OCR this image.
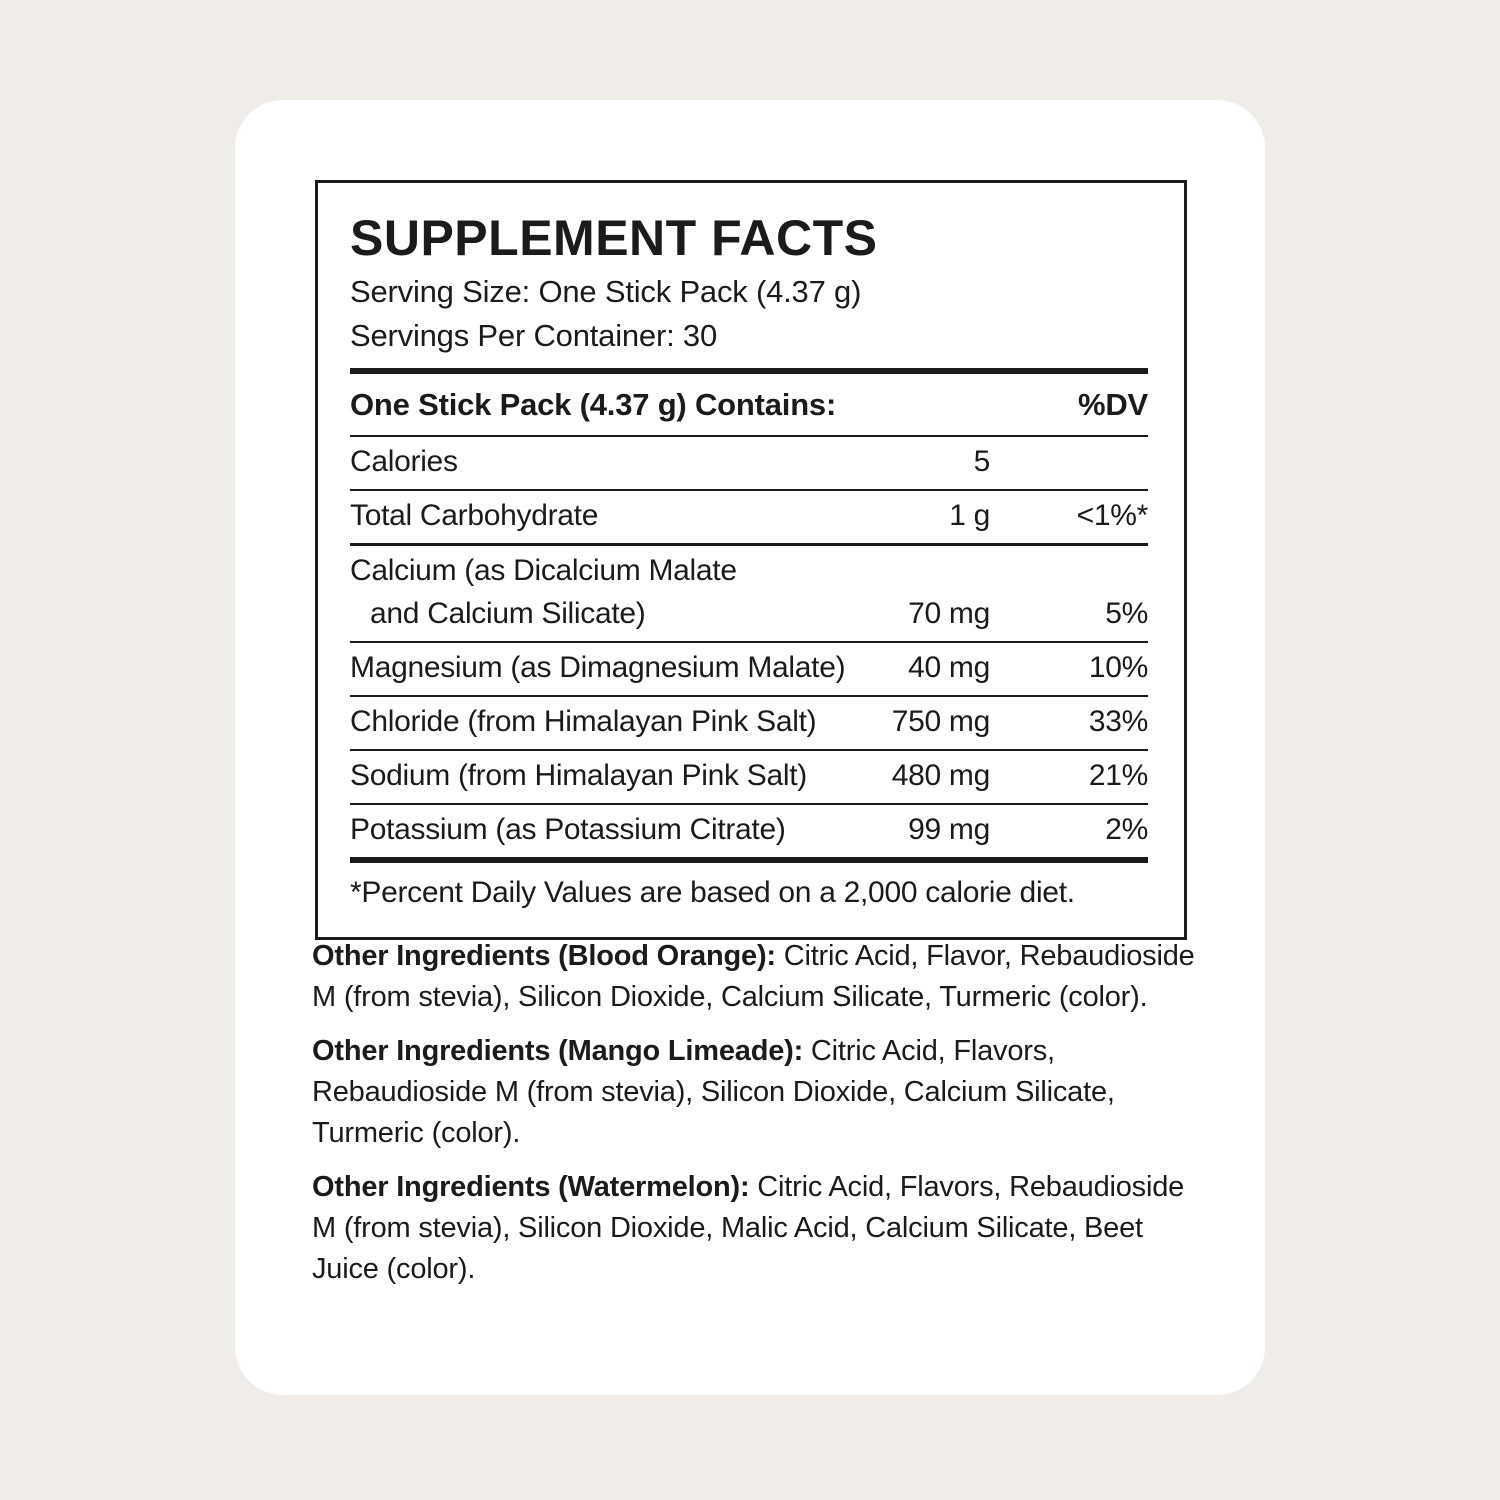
SUPPLEMENT FACTS
Serving Size: One Stick Pack (4.37 g)
Servings Per Container: 30
One Stick Pack (4.37 g) Contains:	%DV
Calories	5
Total Carbohydrate	1 g	<1%*
Calcium (as Dicalcium Malate
and Calcium Silicate)	70 mg	5%
Magnesium (as Dimagnesium Malate)	40 mg	10%
Chloride (from Himalayan Pink Salt)	750 mg	33%
Sodium (from Himalayan Pink Salt)	480 mg	21%
Potassium (as Potassium Citrate)	99 mg	2%
*Percent Daily Values are based on a 2,000 calorie diet.

Other Ingredients (Blood Orange): Citric Acid, Flavor, Rebaudioside M (from stevia), Silicon Dioxide, Calcium Silicate, Turmeric (color).

Other Ingredients (Mango Limeade): Citric Acid, Flavors, Rebaudioside M (from stevia), Silicon Dioxide, Calcium Silicate, Turmeric (color).

Other Ingredients (Watermelon): Citric Acid, Flavors, Rebaudioside M (from stevia), Silicon Dioxide, Malic Acid, Calcium Silicate, Beet Juice (color).
